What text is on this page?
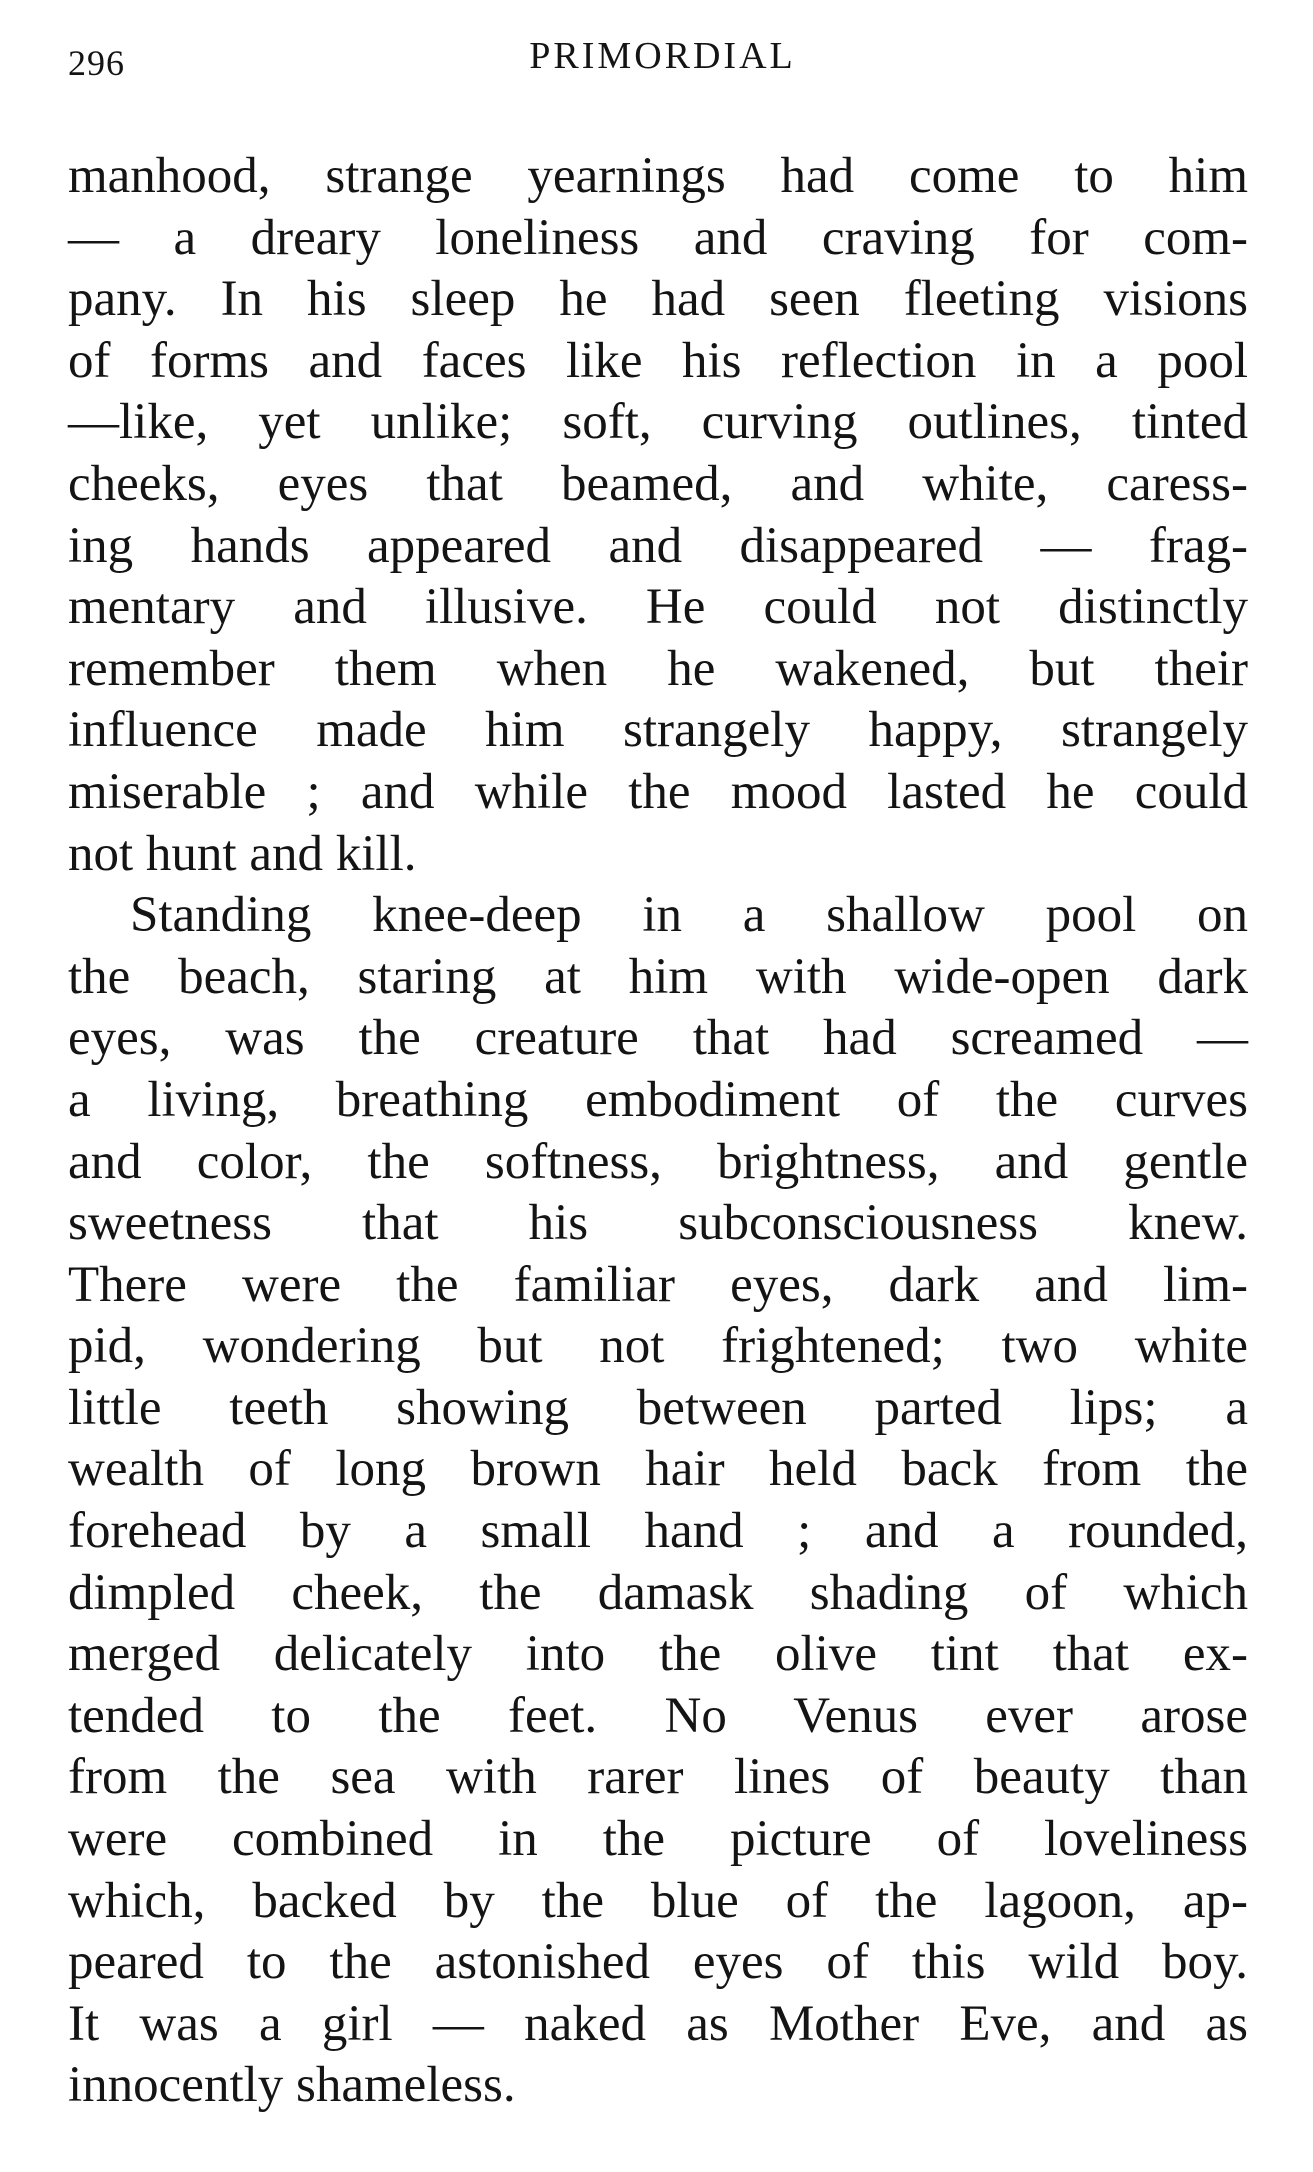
296	PRIMORDIAL
manhood, strange yearnings had come to him
— a dreary loneliness and craving for com-
pany. In his sleep he had seen fleeting visions
of forms and faces like his reflection in a pool
—like, yet unlike; soft, curving outlines, tinted
cheeks, eyes that beamed, and white, caress-
ing hands appeared and disappeared — frag-
mentary and illusive. He could not distinctly
remember them when he wakened, but their
influence made him strangely happy, strangely
miserable ; and while the mood lasted he could
not hunt and kill.
Standing knee-deep in a shallow pool on
the beach, staring at him with wide-open dark
eyes, was the creature that had screamed —
a living, breathing embodiment of the curves
and color, the softness, brightness, and gentle
sweetness that his subconsciousness knew.
There were the familiar eyes, dark and lim-
pid, wondering but not frightened; two white
little teeth showing between parted lips; a
wealth of long brown hair held back from the
forehead by a small hand ; and a rounded,
dimpled cheek, the damask shading of which
merged delicately into the olive tint that ex-
tended to the feet. No Venus ever arose
from the sea with rarer lines of beauty than
were combined in the picture of loveliness
which, backed by the blue of the lagoon, ap-
peared to the astonished eyes of this wild boy.
It was a girl — naked as Mother Eve, and as
innocently shameless.
